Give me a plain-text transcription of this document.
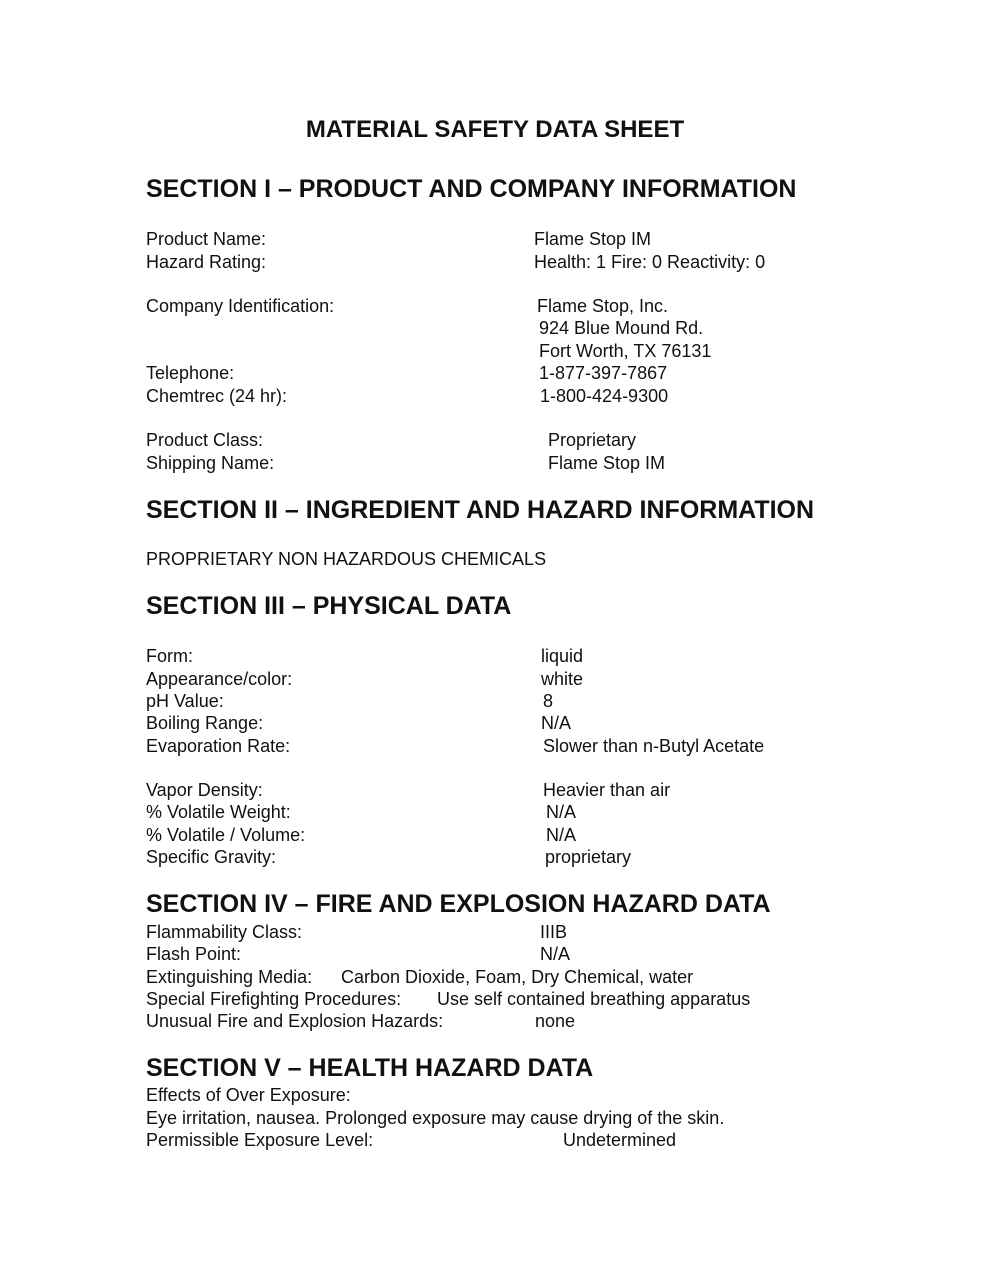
MATERIAL SAFETY DATA SHEET
SECTION I – PRODUCT AND COMPANY INFORMATION
Product Name:	Flame Stop IM
Hazard Rating:	Health: 1 Fire: 0 Reactivity: 0
Company Identification:	Flame Stop, Inc.
924 Blue Mound Rd.
Fort Worth, TX 76131
Telephone:	1-877-397-7867
Chemtrec (24 hr):	1-800-424-9300
Product Class:	Proprietary
Shipping Name:	Flame Stop IM
SECTION II – INGREDIENT AND HAZARD INFORMATION
PROPRIETARY NON HAZARDOUS CHEMICALS
SECTION III – PHYSICAL DATA
Form:	liquid
Appearance/color:	white
pH Value:	8
Boiling Range:	N/A
Evaporation Rate:	Slower than n-Butyl Acetate
Vapor Density:	Heavier than air
% Volatile Weight:	N/A
% Volatile / Volume:	N/A
Specific Gravity:	proprietary
SECTION IV – FIRE AND EXPLOSION HAZARD DATA
Flammability Class:	IIIB
Flash Point:	N/A
Extinguishing Media: Carbon Dioxide, Foam, Dry Chemical, water
Special Firefighting Procedures: Use self contained breathing apparatus
Unusual Fire and Explosion Hazards:	none
SECTION V – HEALTH HAZARD DATA
Effects of Over Exposure:
Eye irritation, nausea. Prolonged exposure may cause drying of the skin.
Permissible Exposure Level:	Undetermined
